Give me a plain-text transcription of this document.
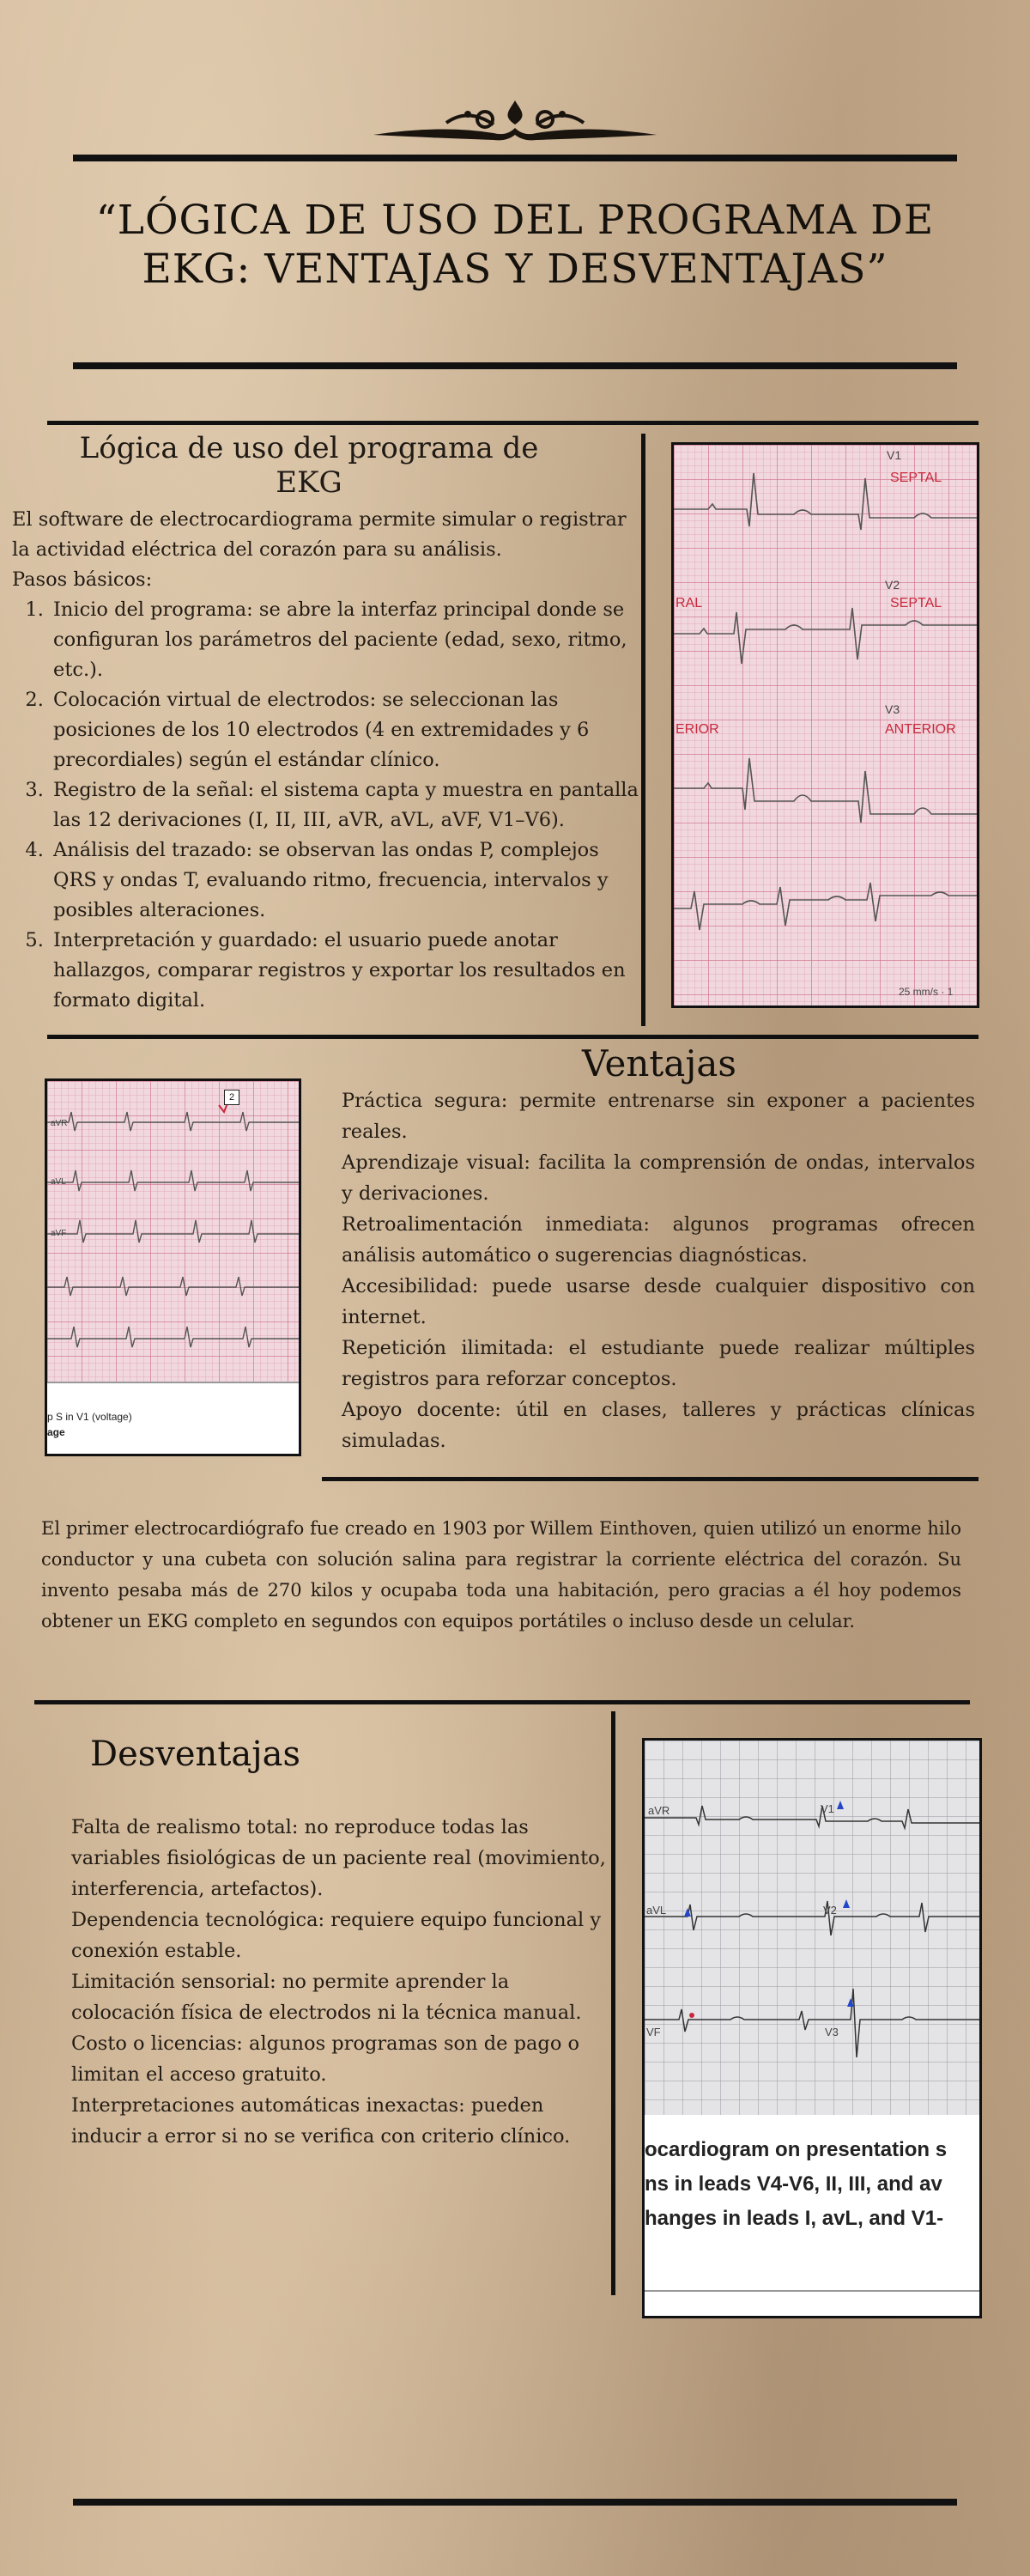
“LÓGICA DE USO DEL PROGRAMA DE EKG: VENTAJAS Y DESVENTAJAS”
Lógica de uso del programa de
EKG
El software de electrocardiograma permite simular o registrar la actividad eléctrica del corazón para su análisis.
Pasos básicos:
1. Inicio del programa: se abre la interfaz principal donde se configuran los parámetros del paciente (edad, sexo, ritmo, etc.).
2. Colocación virtual de electrodos: se seleccionan las posiciones de los 10 electrodos (4 en extremidades y 6 precordiales) según el estándar clínico.
3. Registro de la señal: el sistema capta y muestra en pantalla las 12 derivaciones (I, II, III, aVR, aVL, aVF, V1–V6).
4. Análisis del trazado: se observan las ondas P, complejos QRS y ondas T, evaluando ritmo, frecuencia, intervalos y posibles alteraciones.
5. Interpretación y guardado: el usuario puede anotar hallazgos, comparar registros y exportar los resultados en formato digital.
V1
SEPTAL
V2
SEPTAL
RAL
V3
ERIOR	ANTERIOR
25 mm/s · 1
2
aVR
aVL
aVF
p S in V1 (voltage)
age
Ventajas

Práctica segura: permite entrenarse sin exponer a pacientes reales.

Aprendizaje visual: facilita la comprensión de ondas, intervalos y derivaciones.

Retroalimentación inmediata: algunos programas ofrecen análisis automático o sugerencias diagnósticas.

Accesibilidad: puede usarse desde cualquier dispositivo con internet.

Repetición ilimitada: el estudiante puede realizar múltiples registros para reforzar conceptos.

Apoyo docente: útil en clases, talleres y prácticas clínicas simuladas.

El primer electrocardiógrafo fue creado en 1903 por Willem Einthoven, quien utilizó un enorme hilo conductor y una cubeta con solución salina para registrar la corriente eléctrica del corazón. Su invento pesaba más de 270 kilos y ocupaba toda una habitación, pero gracias a él hoy podemos obtener un EKG completo en segundos con equipos portátiles o incluso desde un celular.
Desventajas

Falta de realismo total: no reproduce todas las variables fisiológicas de un paciente real (movimiento, interferencia, artefactos).

Dependencia tecnológica: requiere equipo funcional y conexión estable.

Limitación sensorial: no permite aprender la colocación física de electrodos ni la técnica manual.

Costo o licencias: algunos programas son de pago o limitan el acceso gratuito.

Interpretaciones automáticas inexactas: pueden inducir a error si no se verifica con criterio clínico.

aVR	V1
aVL	V2
VF	V3
ocardiogram on presentation s
ns in leads V4-V6, II, III, and av
hanges in leads I, avL, and V1-
